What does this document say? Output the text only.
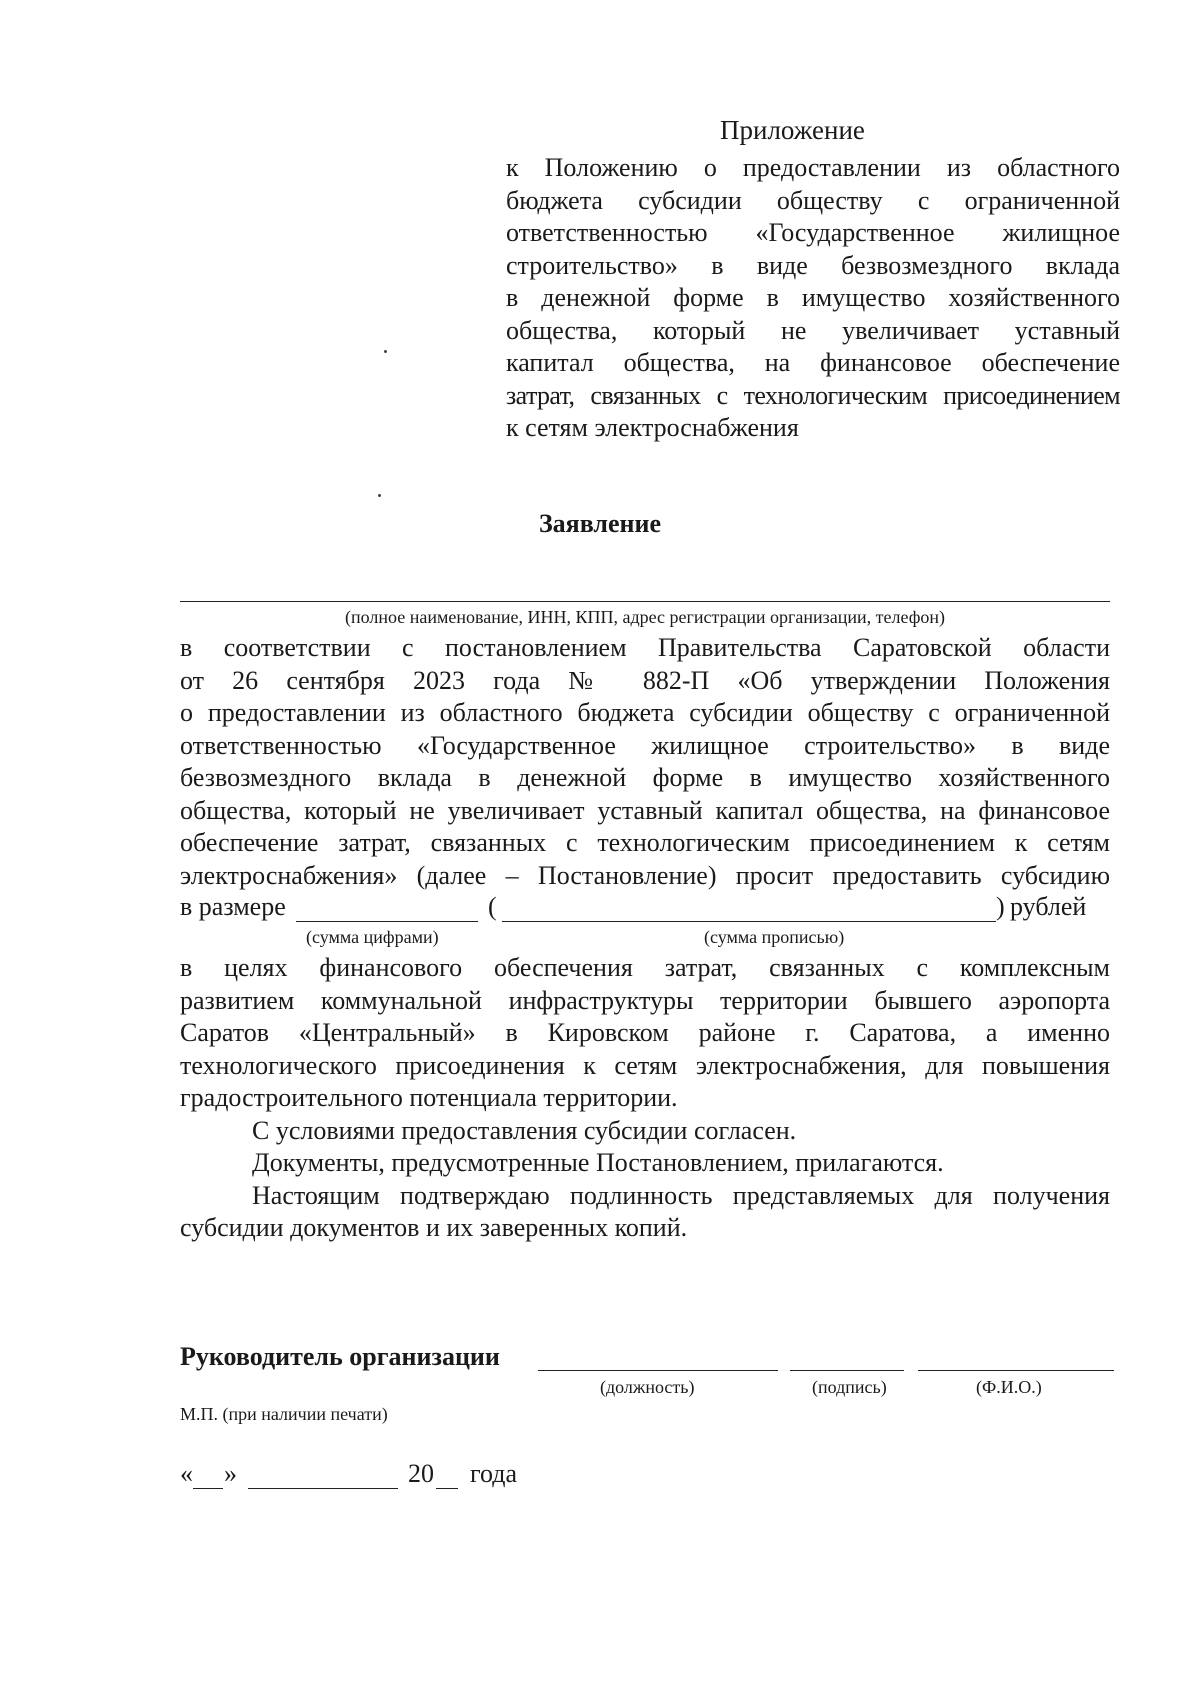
Приложение
к Положению о предоставлении из областного
бюджета субсидии обществу с ограниченной
ответственностью «Государственное жилищное
строительство» в виде безвозмездного вклада
в денежной форме в имущество хозяйственного
общества, который не увеличивает уставный
капитал общества, на финансовое обеспечение
затрат, связанных с технологическим присоединением
к сетям электроснабжения
Заявление
(полное наименование, ИНН, КПП, адрес регистрации организации, телефон)
в соответствии с постановлением Правительства Саратовской области
от 26 сентября 2023 года № 882-П «Об утверждении Положения
о предоставлении из областного бюджета субсидии обществу с ограниченной
ответственностью «Государственное жилищное строительство» в виде
безвозмездного вклада в денежной форме в имущество хозяйственного
общества, который не увеличивает уставный капитал общества, на финансовое
обеспечение затрат, связанных с технологическим присоединением к сетям
электроснабжения» (далее – Постановление) просит предоставить субсидию
в размере	(	) рублей
(сумма цифрами)	(сумма прописью)
в целях финансового обеспечения затрат, связанных с комплексным
развитием коммунальной инфраструктуры территории бывшего аэропорта
Саратов «Центральный» в Кировском районе г. Саратова, а именно
технологического присоединения к сетям электроснабжения, для повышения
градостроительного потенциала территории.
С условиями предоставления субсидии согласен.
Документы, предусмотренные Постановлением, прилагаются.
Настоящим подтверждаю подлинность представляемых для получения
субсидии документов и их заверенных копий.
Руководитель организации
(должность)	(подпись)	(Ф.И.О.)
М.П. (при наличии печати)
« »	20 года
